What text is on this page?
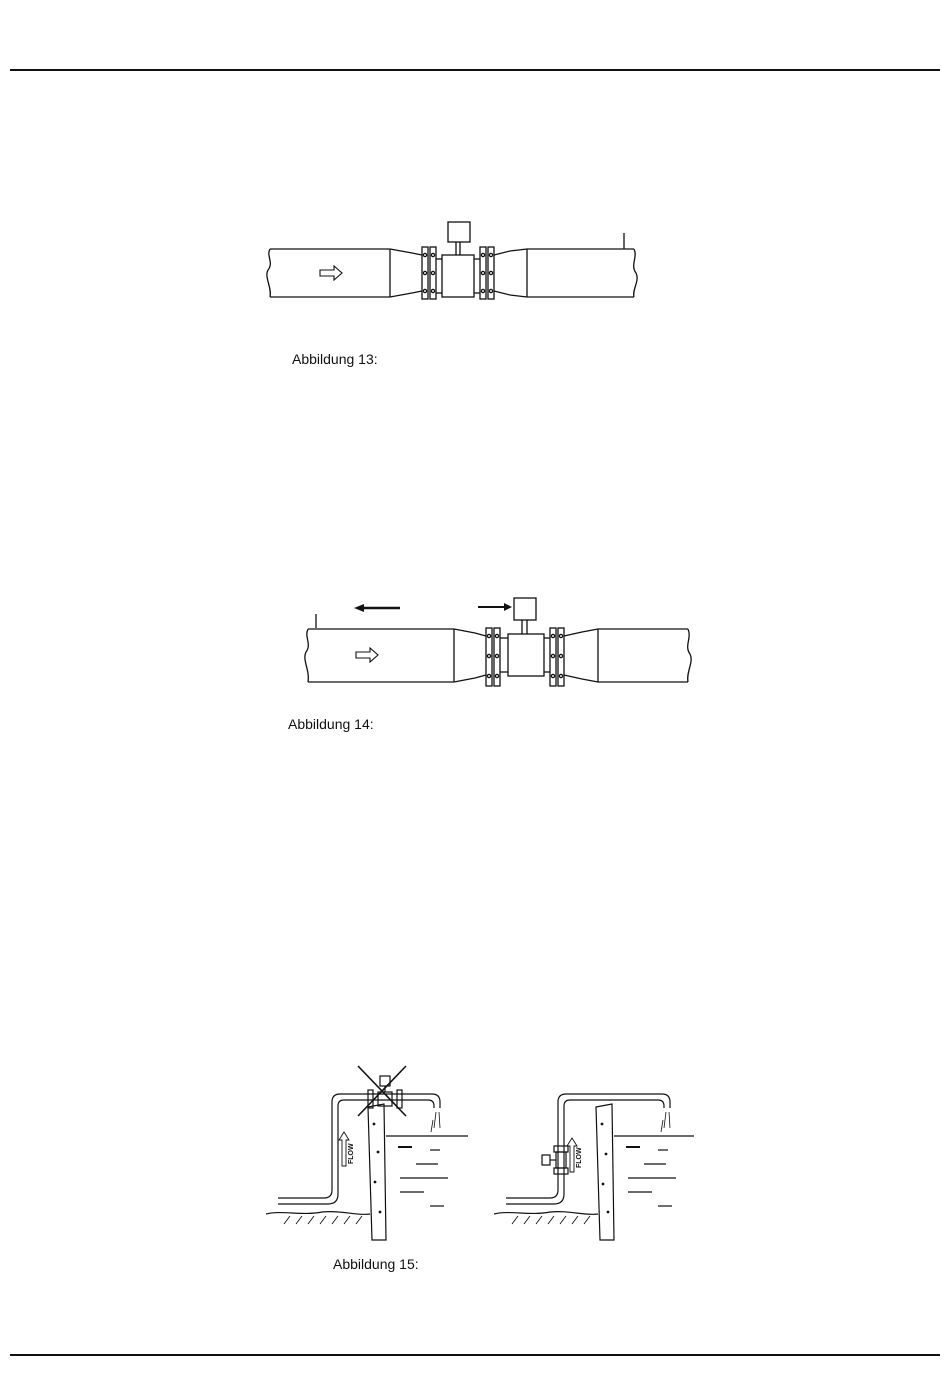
Abbildung 13:
Abbildung 14:
FLOW	FLOW
Abbildung 15:
